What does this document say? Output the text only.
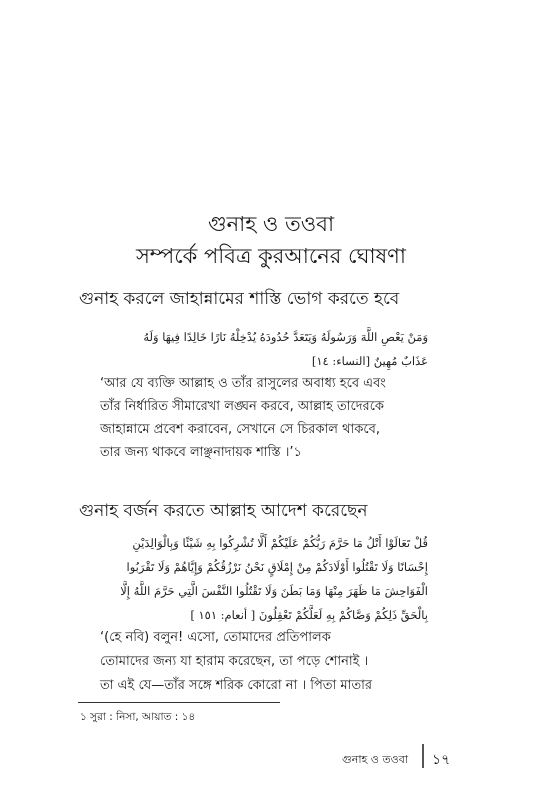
গুনাহ ও তওবা
সম্পর্কে পবিত্র কুরআনের ঘোষণা
গুনাহ করলে জাহান্নামের শাস্তি ভোগ করতে হবে
وَمَنْ يَعْصِ اللَّهَ وَرَسُولَهُ وَيَتَعَدَّ حُدُودَهُ يُدْخِلْهُ نَارًا خَالِدًا فِيهَا وَلَهُ
عَذَابٌ مُهِينٌ [النساء: ١٤]
‘আর যে ব্যক্তি আল্লাহ ও তাঁর রাসুলের অবাধ্য হবে এবং
তাঁর নির্ধারিত সীমারেখা লঙ্ঘন করবে, আল্লাহ তাদেরকে
জাহান্নামে প্রবেশ করাবেন, সেখানে সে চিরকাল থাকবে,
তার জন্য থাকবে লাঞ্ছনাদায়ক শাস্তি ।’১
গুনাহ বর্জন করতে আল্লাহ আদেশ করেছেন
قُلْ تَعَالَوْا أَتْلُ مَا حَرَّمَ رَبُّكُمْ عَلَيْكُمْ أَلَّا تُشْرِكُوا بِهِ شَيْئًا وَبِالْوَالِدَيْنِ
إِحْسَانًا وَلَا تَقْتُلُوا أَوْلَادَكُمْ مِنْ إِمْلَاقٍ نَحْنُ نَرْزُقُكُمْ وَإِيَّاهُمْ وَلَا تَقْرَبُوا
الْفَوَاحِشَ مَا ظَهَرَ مِنْهَا وَمَا بَطَنَ وَلَا تَقْتُلُوا النَّفْسَ الَّتِي حَرَّمَ اللَّهُ إِلَّا
بِالْحَقِّ ذَلِكُمْ وَصَّاكُمْ بِهِ لَعَلَّكُمْ تَعْقِلُونَ [ أنعام: ١٥١ ]
‘(হে নবি) বলুন! এসো, তোমাদের প্রতিপালক
তোমাদের জন্য যা হারাম করেছেন, তা পড়ে শোনাই ।
তা এই যে—তাঁর সঙ্গে শরিক কোরো না । পিতা মাতার
১ সুরা : নিসা, আয়াত : ১৪
গুনাহ ও তওবা ১৭
